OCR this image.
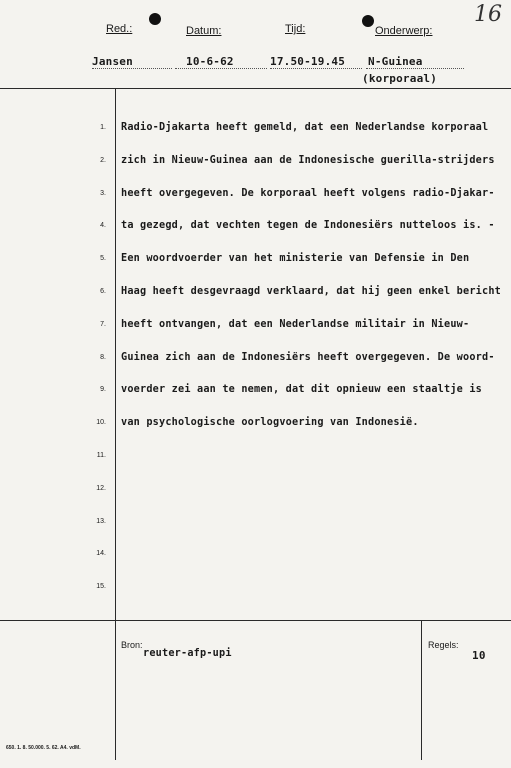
16
Red.:	Datum:	Tijd:	Onderwerp:
Jansen	10-6-62	17.50-19.45 N-Guinea
(korporaal)
1. Radio-Djakarta heeft gemeld, dat een Nederlandse korporaal
2. zich in Nieuw-Guinea aan de Indonesische guerilla-strijders
3. heeft overgegeven. De korporaal heeft volgens radio-Djakar-
4. ta gezegd, dat vechten tegen de Indonesiërs nutteloos is. -
5. Een woordvoerder van het ministerie van Defensie in Den
6. Haag heeft desgevraagd verklaard, dat hij geen enkel bericht
7. heeft ontvangen, dat een Nederlandse militair in Nieuw-
8. Guinea zich aan de Indonesiërs heeft overgegeven. De woord-
9. voerder zei aan te nemen, dat dit opnieuw een staaltje is
10. van psychologische oorlogvoering van Indonesië.
11.
12.
13.
14.
15.
Bron:
reuter-afp-upi
Regels:
10
650. 1. 8. 50.000. 5. 62. A4. vdM.
